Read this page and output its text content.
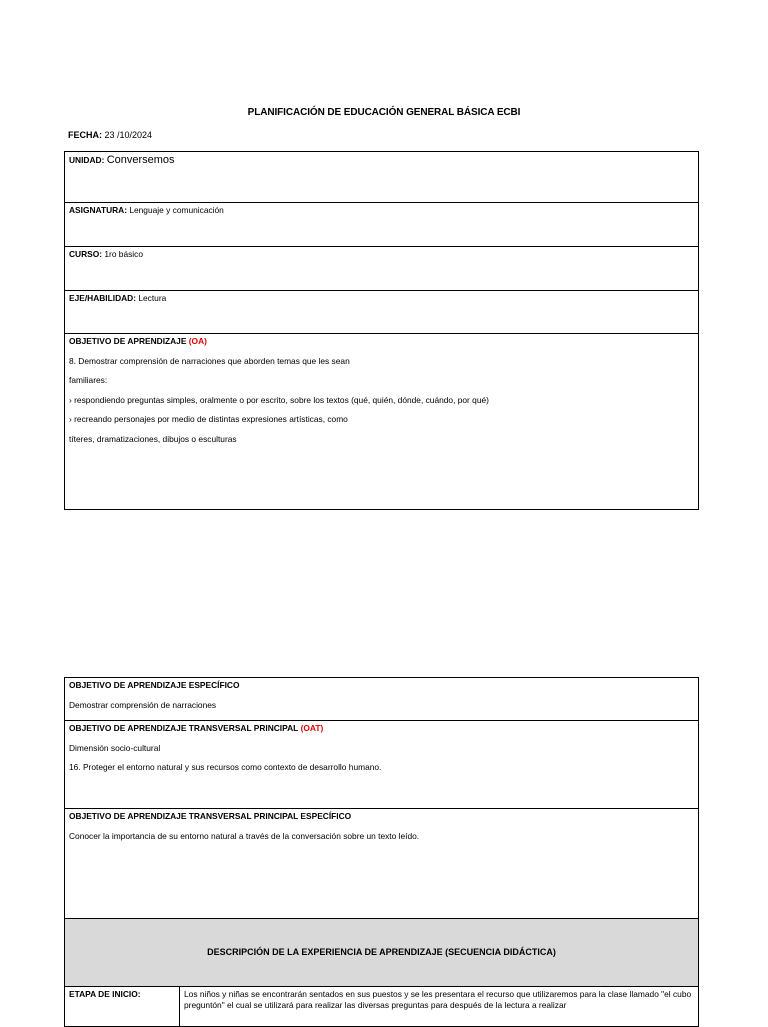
PLANIFICACIÓN DE EDUCACIÓN GENERAL BÁSICA ECBI
FECHA: 23 /10/2024
UNIDAD: Conversemos
ASIGNATURA: Lenguaje y comunicación
CURSO: 1ro básico
EJE/HABILIDAD: Lectura

OBJETIVO DE APRENDIZAJE (OA)
8. Demostrar comprensión de narraciones que aborden temas que les sean
familiares:
› respondiendo preguntas simples, oralmente o por escrito, sobre los textos (qué, quién, dónde, cuándo, por qué)
› recreando personajes por medio de distintas expresiones artísticas, como
títeres, dramatizaciones, dibujos o esculturas
OBJETIVO DE APRENDIZAJE ESPECÍFICO
Demostrar comprensión de narraciones

OBJETIVO DE APRENDIZAJE TRANSVERSAL PRINCIPAL (OAT)
Dimensión socio-cultural
16. Proteger el entorno natural y sus recursos como contexto de desarrollo humano.

OBJETIVO DE APRENDIZAJE TRANSVERSAL PRINCIPAL ESPECÍFICO
Conocer la importancia de su entorno natural a través de la conversación sobre un texto leído.

DESCRIPCIÓN DE LA EXPERIENCIA DE APRENDIZAJE (SECUENCIA DIDÁCTICA)
ETAPA DE INICIO:	Los niños y niñas se encontrarán sentados en sus puestos y se les presentara el recurso que utilizaremos para la clase llamado "el cubo preguntón" el cual se utilizará para realizar las diversas preguntas para después de la lectura a realizar
